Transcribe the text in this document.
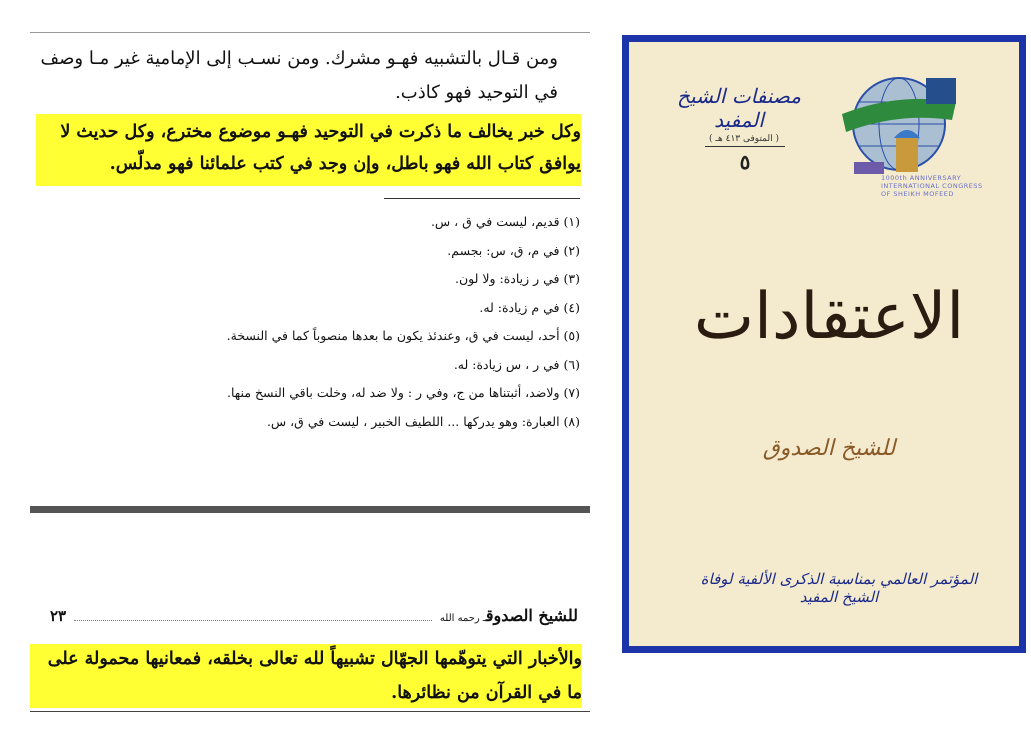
ومن قـال بالتشبيه فهـو مشرك. ومن نسـب إلى الإمامية غير مـا وصف في التوحيد فهو كاذب.
وكل خبر يخالف ما ذكرت في التوحيد فهـو موضوع مخترع، وكل حديث لا يوافق كتاب الله فهو باطل، وإن وجد في كتب علمائنا فهو مدلّس.
(١) قديم، ليست في ق ، س.
(٢) في م، ق، س: بجسم.
(٣) في ر زيادة: ولا لون.
(٤) في م زيادة: له.
(٥) أحد، ليست في ق، وعندئذ يكون ما بعدها منصوباً كما في النسخة.
(٦) في ر ، س زيادة: له.
(٧) ولاضد، أثبتناها من ج، وفي ر : ولا ضد له، وخلت باقي النسخ منها.
(٨) العبارة: وهو يدركها ... اللطيف الخبير ، ليست في ق، س.
٢٣	للشيخ الصدوقـ رحمه الله
والأخبار التي يتوهّمها الجهّال تشبيهاً لله تعالى بخلقه، فمعانيها محمولة على ما في القرآن من نظائرها.
مصنفات الشيخ المفيد
( المتوفى ٤١٣ هـ )
٥
1000th ANNIVERSARY
INTERNATIONAL CONGRESS
OF SHEIKH MOFEED
الاعتقادات
للشيخ الصدوق
المؤتمر العالمي بمناسبة الذكرى الألفية لوفاة الشيخ المفيد
